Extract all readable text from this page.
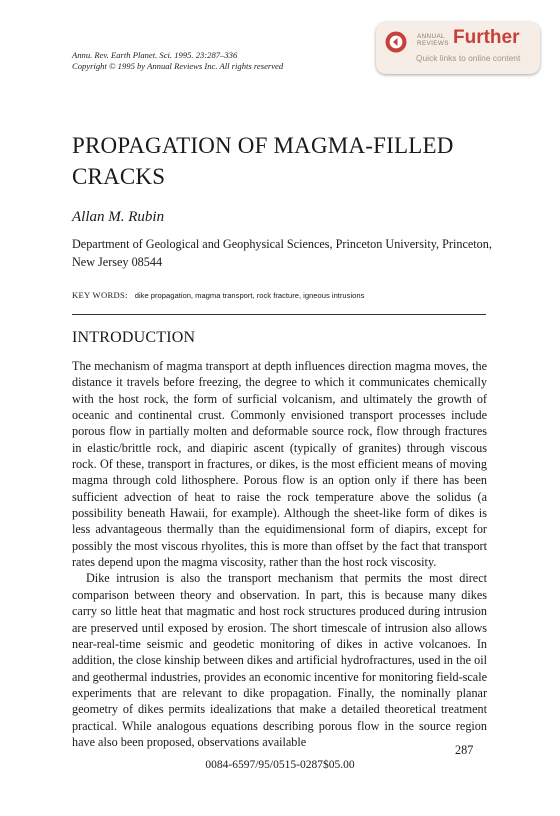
Annu. Rev. Earth Planet. Sci. 1995. 23:287–336
Copyright © 1995 by Annual Reviews Inc. All rights reserved
ANNUAL
REVIEWS Further
Quick links to online content
PROPAGATION OF MAGMA-FILLED CRACKS
Allan M. Rubin
Department of Geological and Geophysical Sciences, Princeton University, Princeton, New Jersey 08544
KEY WORDS: dike propagation, magma transport, rock fracture, igneous intrusions
INTRODUCTION

The mechanism of magma transport at depth influences direction magma moves, the distance it travels before freezing, the degree to which it communicates chemically with the host rock, the form of surficial volcanism, and ultimately the growth of oceanic and continental crust. Commonly envisioned transport processes include porous flow in partially molten and deformable source rock, flow through fractures in elastic/brittle rock, and diapiric ascent (typically of granites) through viscous rock. Of these, transport in fractures, or dikes, is the most efficient means of moving magma through cold lithosphere. Porous flow is an option only if there has been sufficient advection of heat to raise the rock temperature above the solidus (a possibility beneath Hawaii, for example). Although the sheet-like form of dikes is less advantageous thermally than the equidimensional form of diapirs, except for possibly the most viscous rhyolites, this is more than offset by the fact that transport rates depend upon the magma viscosity, rather than the host rock viscosity.

Dike intrusion is also the transport mechanism that permits the most direct comparison between theory and observation. In part, this is because many dikes carry so little heat that magmatic and host rock structures produced during intrusion are preserved until exposed by erosion. The short timescale of intrusion also allows near-real-time seismic and geodetic monitoring of dikes in active volcanoes. In addition, the close kinship between dikes and artificial hydrofractures, used in the oil and geothermal industries, provides an economic incentive for monitoring field-scale experiments that are relevant to dike propagation. Finally, the nominally planar geometry of dikes permits idealizations that make a detailed theoretical treatment practical. While analogous equations describing porous flow in the source region have also been proposed, observations available

287
0084-6597/95/0515-0287$05.00
